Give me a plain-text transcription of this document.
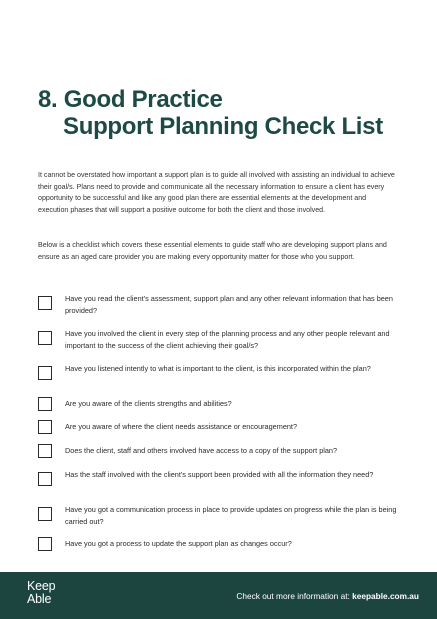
8. Good Practice
Support Planning Check List
It cannot be overstated how important a support plan is to guide all involved with assisting an individual to achieve their goal/s. Plans need to provide and communicate all the necessary information to ensure a client has every opportunity to be successful and like any good plan there are essential elements at the development and execution phases that will support a positive outcome for both the client and those involved.
Below is a checklist which covers these essential elements to guide staff who are developing support plans and ensure as an aged care provider you are making every opportunity matter for those who you support.
Have you read the client's assessment, support plan and any other relevant information that has been provided?
Have you involved the client in every step of the planning process and any other people relevant and important to the success of the client achieving their goal/s?
Have you listened intently to what is important to the client, is this incorporated within the plan?
Are you aware of the clients strengths and abilities?
Are you aware of where the client needs assistance or encouragement?
Does the client, staff and others involved have access to a copy of the support plan?
Has the staff involved with the client's support been provided with all the information they need?
Have you got a communication process in place to provide updates on progress while the plan is being carried out?
Have you got a process to update the support plan as changes occur?
Keep
Able	Check out more information at: keepable.com.au
